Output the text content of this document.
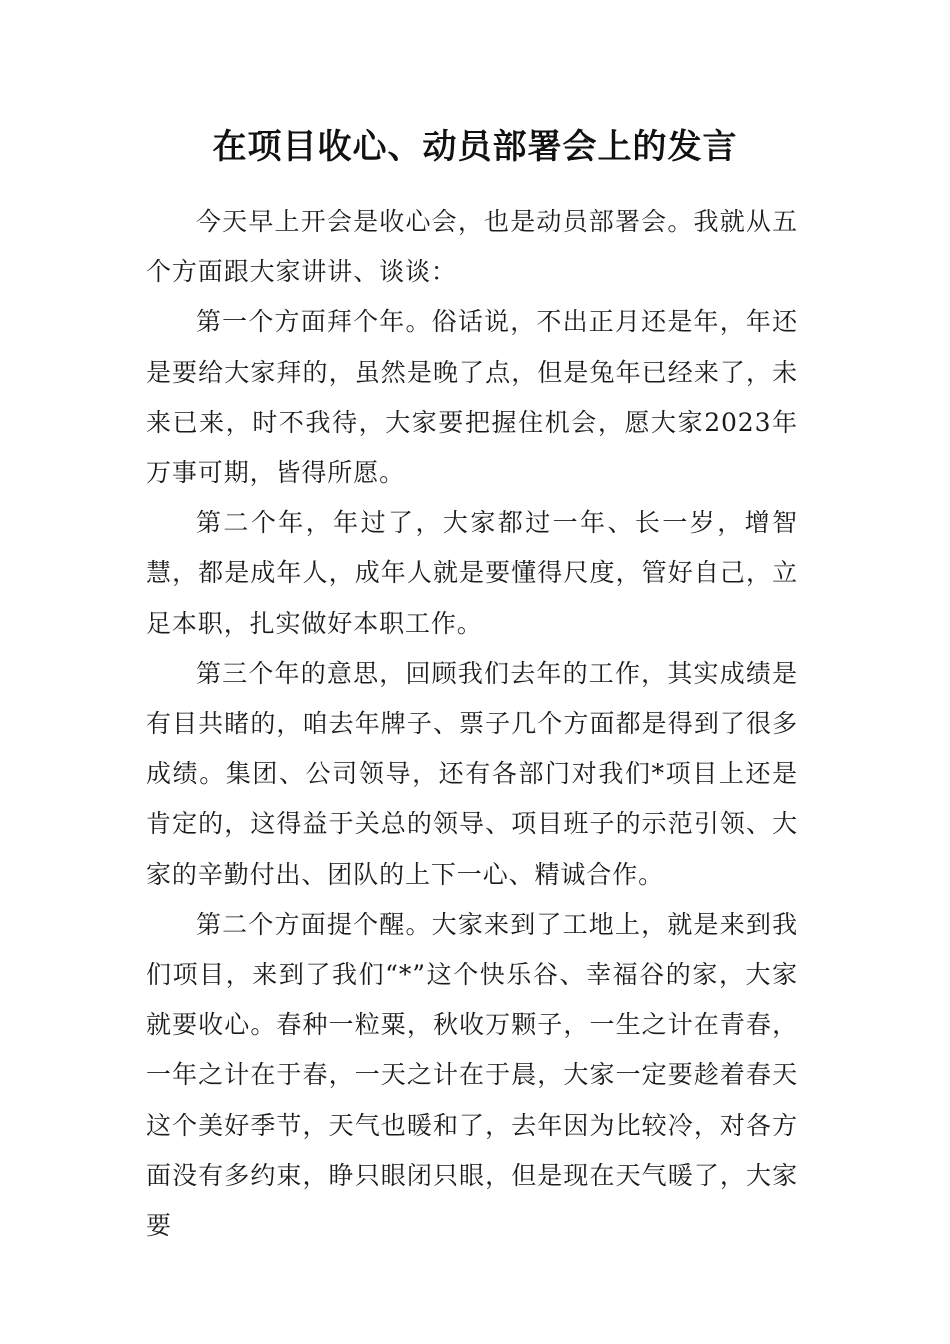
在项目收心、动员部署会上的发言

今天早上开会是收心会，也是动员部署会。我就从五个方面跟大家讲讲、谈谈：

第一个方面拜个年。俗话说，不出正月还是年，年还是要给大家拜的，虽然是晚了点，但是兔年已经来了，未来已来，时不我待，大家要把握住机会，愿大家2023年万事可期，皆得所愿。

第二个年，年过了，大家都过一年、长一岁，增智慧，都是成年人，成年人就是要懂得尺度，管好自己，立足本职，扎实做好本职工作。

第三个年的意思，回顾我们去年的工作，其实成绩是有目共睹的，咱去年牌子、票子几个方面都是得到了很多成绩。集团、公司领导，还有各部门对我们*项目上还是肯定的，这得益于关总的领导、项目班子的示范引领、大家的辛勤付出、团队的上下一心、精诚合作。

第二个方面提个醒。大家来到了工地上，就是来到我们项目，来到了我们“*”这个快乐谷、幸福谷的家，大家就要收心。春种一粒粟，秋收万颗子，一生之计在青春，一年之计在于春，一天之计在于晨，大家一定要趁着春天这个美好季节，天气也暖和了，去年因为比较冷，对各方面没有多约束，睁只眼闭只眼，但是现在天气暖了，大家要
